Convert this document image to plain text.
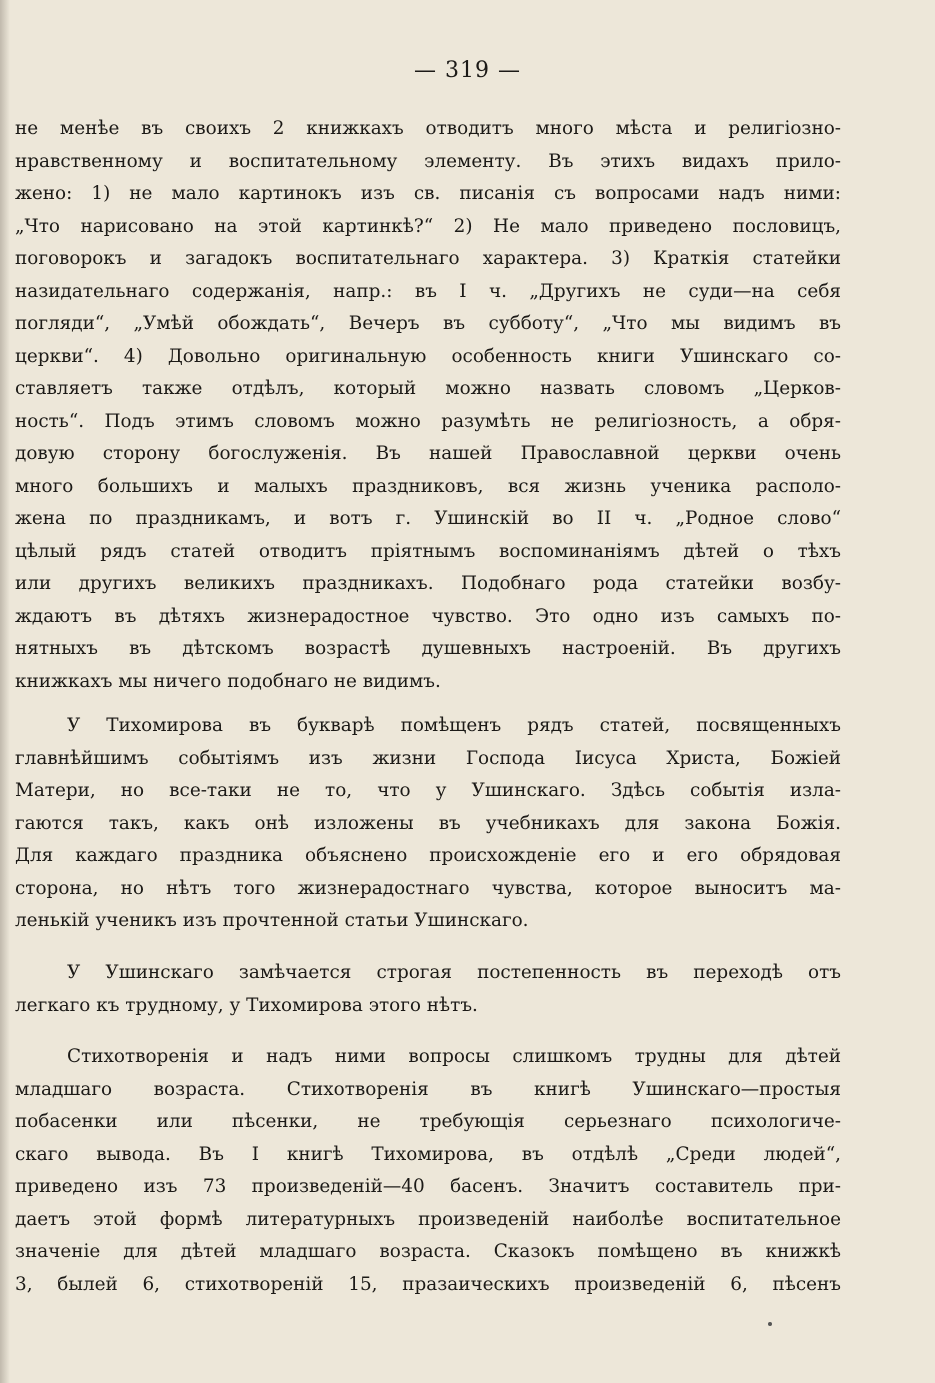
— 319 —
не менѣе въ своихъ 2 книжкахъ отводитъ много мѣста и религіозно-
нравственному и воспитательному элементу. Въ этихъ видахъ прило-
жено: 1) не мало картинокъ изъ св. писанія съ вопросами надъ ними:
„Что нарисовано на этой картинкѣ?“ 2) Не мало приведено пословицъ,
поговорокъ и загадокъ воспитательнаго характера. 3) Краткія статейки
назидательнаго содержанія, напр.: въ I ч. „Другихъ не суди—на себя
погляди“, „Умѣй обождать“, Вечеръ въ субботу“, „Что мы видимъ въ
церкви“. 4) Довольно оригинальную особенность книги Ушинскаго со-
ставляетъ также отдѣлъ, который можно назвать словомъ „Церков-
ность“. Подъ этимъ словомъ можно разумѣть не религіозность, а обря-
довую сторону богослуженія. Въ нашей Православной церкви очень
много большихъ и малыхъ праздниковъ, вся жизнь ученика располо-
жена по праздникамъ, и вотъ г. Ушинскій во II ч. „Родное слово“
цѣлый рядъ статей отводитъ пріятнымъ воспоминаніямъ дѣтей о тѣхъ
или другихъ великихъ праздникахъ. Подобнаго рода статейки возбу-
ждаютъ въ дѣтяхъ жизнерадостное чувство. Это одно изъ самыхъ по-
нятныхъ въ дѣтскомъ возрастѣ душевныхъ настроеній. Въ другихъ
книжкахъ мы ничего подобнаго не видимъ.
У Тихомирова въ букварѣ помѣщенъ рядъ статей, посвященныхъ
главнѣйшимъ событіямъ изъ жизни Господа Іисуса Христа, Божіей
Матери, но все-таки не то, что у Ушинскаго. Здѣсь событія изла-
гаются такъ, какъ онѣ изложены въ учебникахъ для закона Божія.
Для каждаго праздника объяснено происхожденіе его и его обрядовая
сторона, но нѣтъ того жизнерадостнаго чувства, которое выноситъ ма-
ленькій ученикъ изъ прочтенной статьи Ушинскаго.
У Ушинскаго замѣчается строгая постепенность въ переходѣ отъ
легкаго къ трудному, у Тихомирова этого нѣтъ.
Стихотворенія и надъ ними вопросы слишкомъ трудны для дѣтей
младшаго возраста. Стихотворенія въ книгѣ Ушинскаго—простыя
побасенки или пѣсенки, не требующія серьезнаго психологиче-
скаго вывода. Въ I книгѣ Тихомирова, въ отдѣлѣ „Среди людей“,
приведено изъ 73 произведеній—40 басенъ. Значитъ составитель при-
даетъ этой формѣ литературныхъ произведеній наиболѣе воспитательное
значеніе для дѣтей младшаго возраста. Сказокъ помѣщено въ книжкѣ
3, былей 6, стихотвореній 15, празаическихъ произведеній 6, пѣсенъ
